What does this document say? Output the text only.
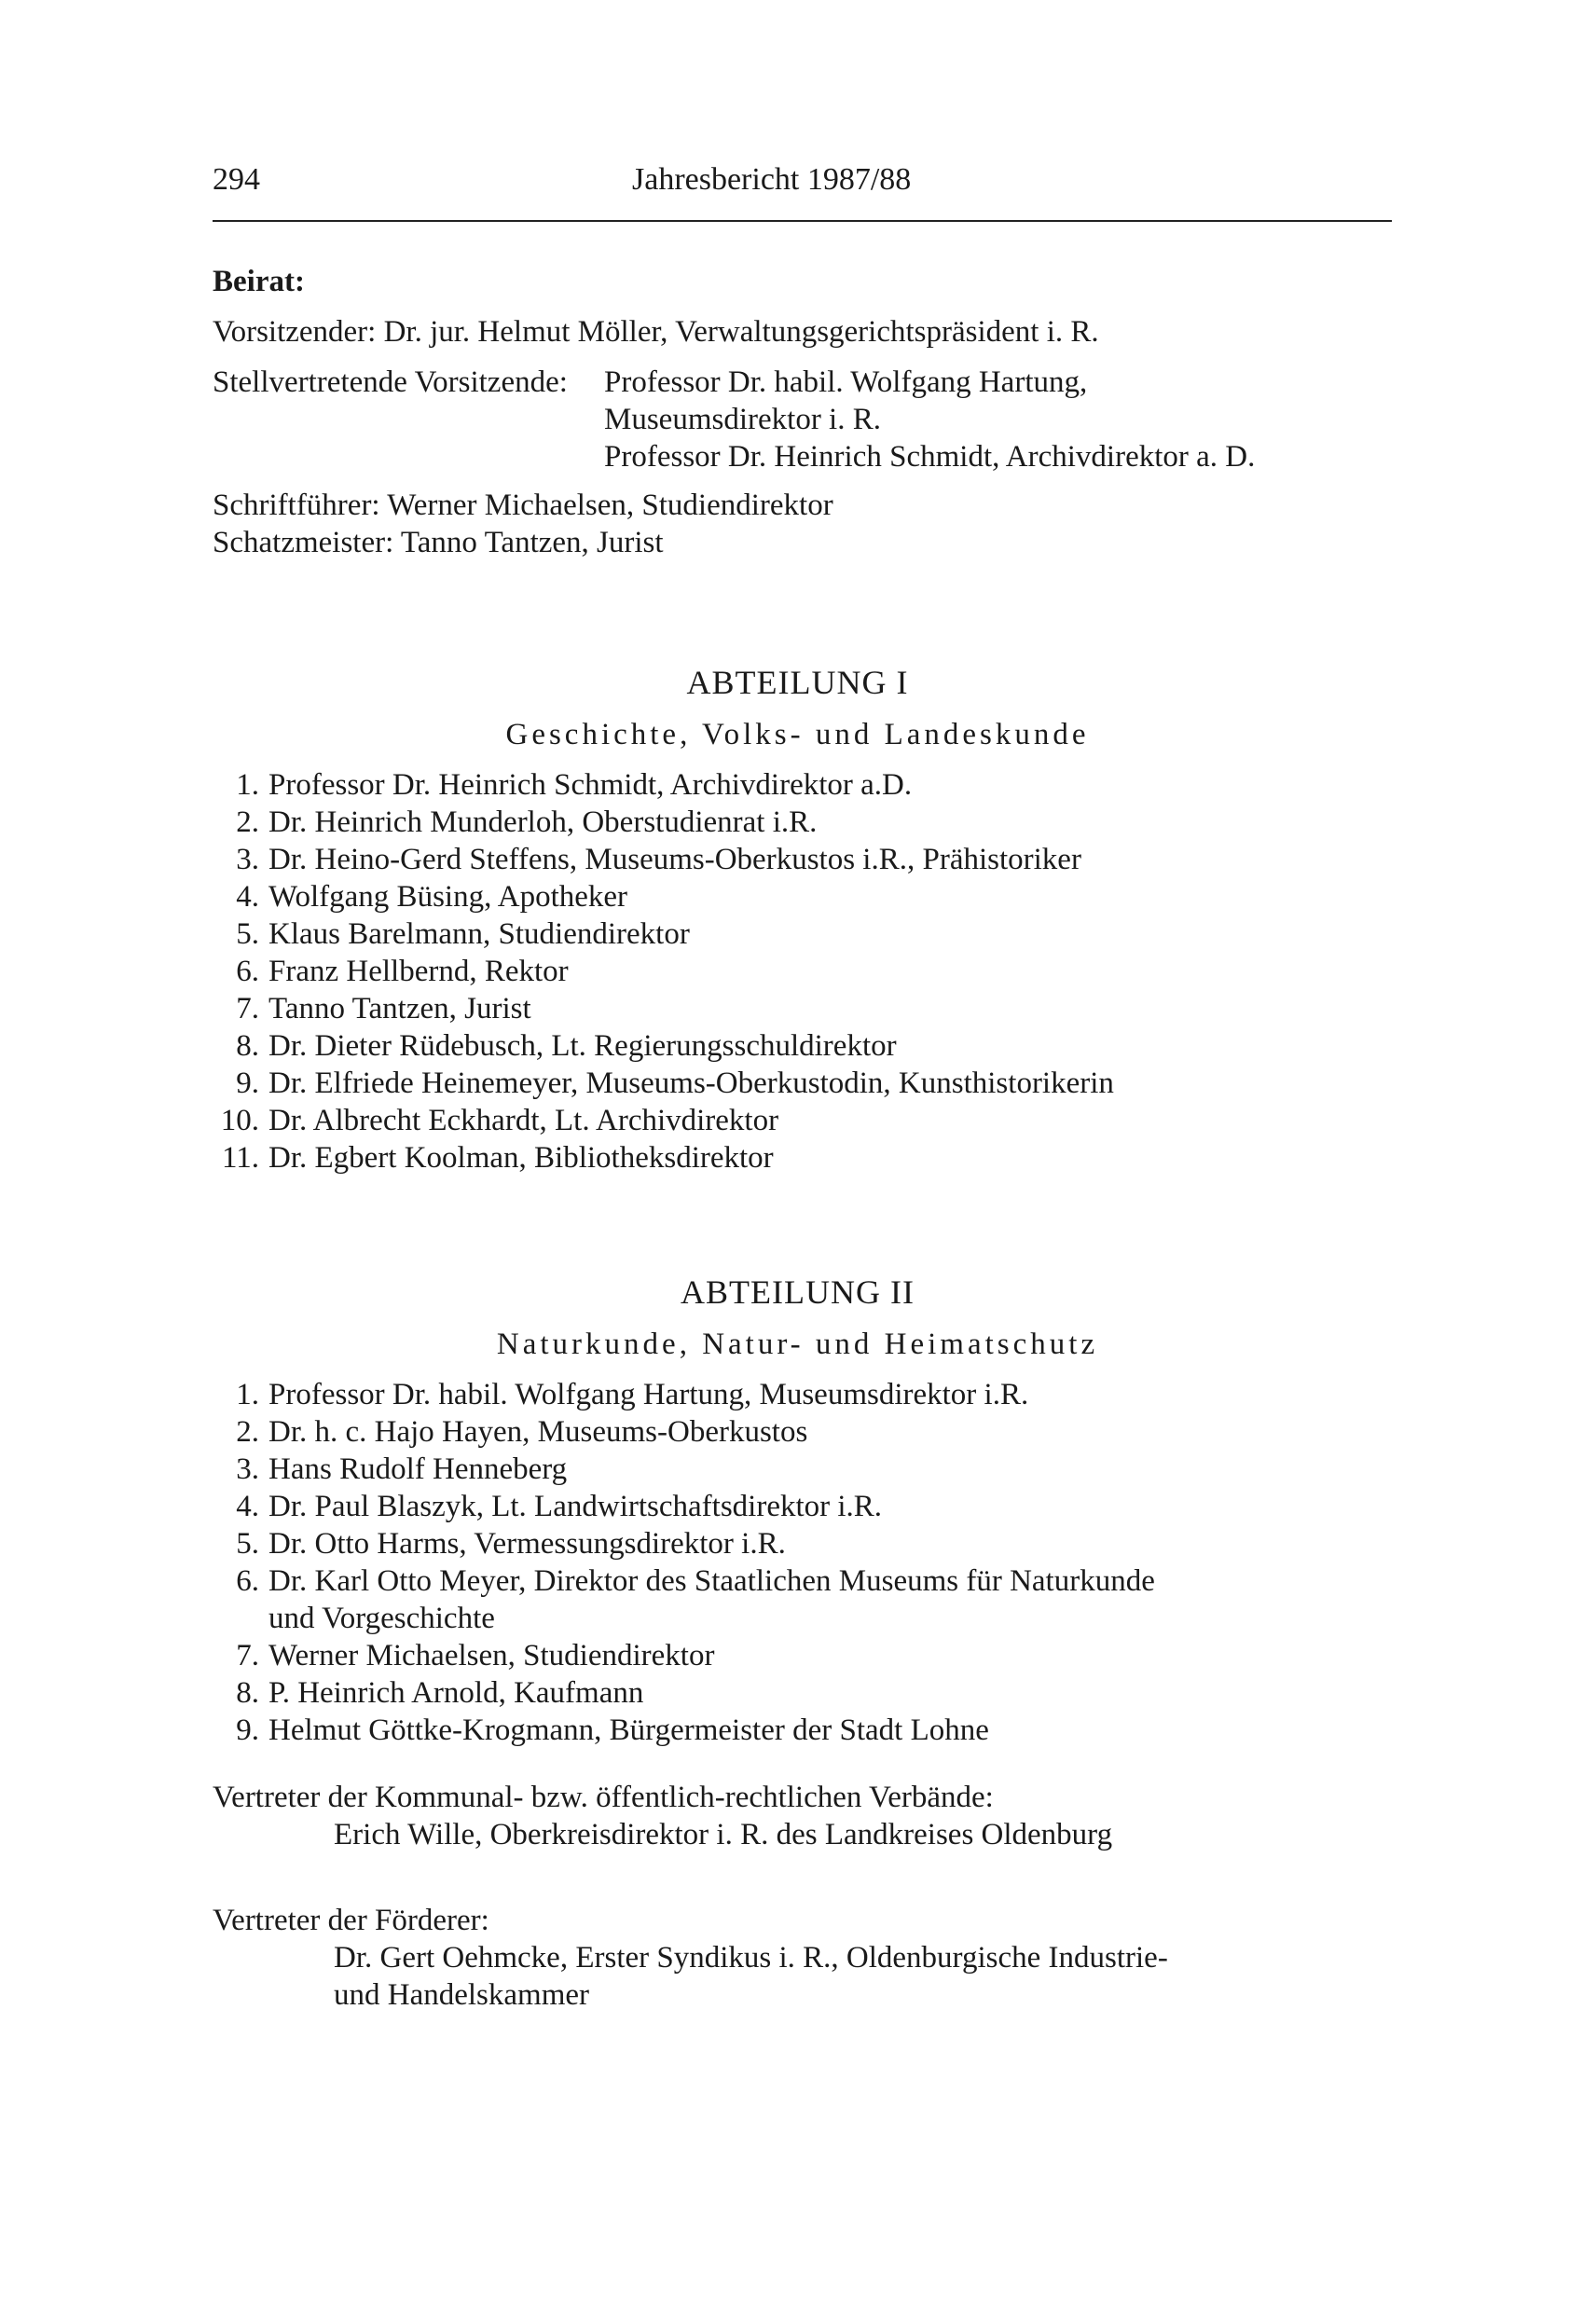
294	Jahresbericht 1987/88
Beirat:
Vorsitzender: Dr. jur. Helmut Möller, Verwaltungsgerichtspräsident i. R.
Stellvertretende Vorsitzende: Professor Dr. habil. Wolfgang Hartung,
Museumsdirektor i. R.
Professor Dr. Heinrich Schmidt, Archivdirektor a. D.
Schriftführer: Werner Michaelsen, Studiendirektor
Schatzmeister: Tanno Tantzen, Jurist
ABTEILUNG I
Geschichte, Volks- und Landeskunde
1. Professor Dr. Heinrich Schmidt, Archivdirektor a.D.
2. Dr. Heinrich Munderloh, Oberstudienrat i.R.
3. Dr. Heino-Gerd Steffens, Museums-Oberkustos i.R., Prähistoriker
4. Wolfgang Büsing, Apotheker
5. Klaus Barelmann, Studiendirektor
6. Franz Hellbernd, Rektor
7. Tanno Tantzen, Jurist
8. Dr. Dieter Rüdebusch, Lt. Regierungsschuldirektor
9. Dr. Elfriede Heinemeyer, Museums-Oberkustodin, Kunsthistorikerin
10. Dr. Albrecht Eckhardt, Lt. Archivdirektor
11. Dr. Egbert Koolman, Bibliotheksdirektor
ABTEILUNG II
Naturkunde, Natur- und Heimatschutz
1. Professor Dr. habil. Wolfgang Hartung, Museumsdirektor i.R.
2. Dr. h. c. Hajo Hayen, Museums-Oberkustos
3. Hans Rudolf Henneberg
4. Dr. Paul Blaszyk, Lt. Landwirtschaftsdirektor i.R.
5. Dr. Otto Harms, Vermessungsdirektor i.R.
6. Dr. Karl Otto Meyer, Direktor des Staatlichen Museums für Naturkunde
und Vorgeschichte
7. Werner Michaelsen, Studiendirektor
8. P. Heinrich Arnold, Kaufmann
9. Helmut Göttke-Krogmann, Bürgermeister der Stadt Lohne
Vertreter der Kommunal- bzw. öffentlich-rechtlichen Verbände:
Erich Wille, Oberkreisdirektor i. R. des Landkreises Oldenburg
Vertreter der Förderer:
Dr. Gert Oehmcke, Erster Syndikus i. R., Oldenburgische Industrie-
und Handelskammer
